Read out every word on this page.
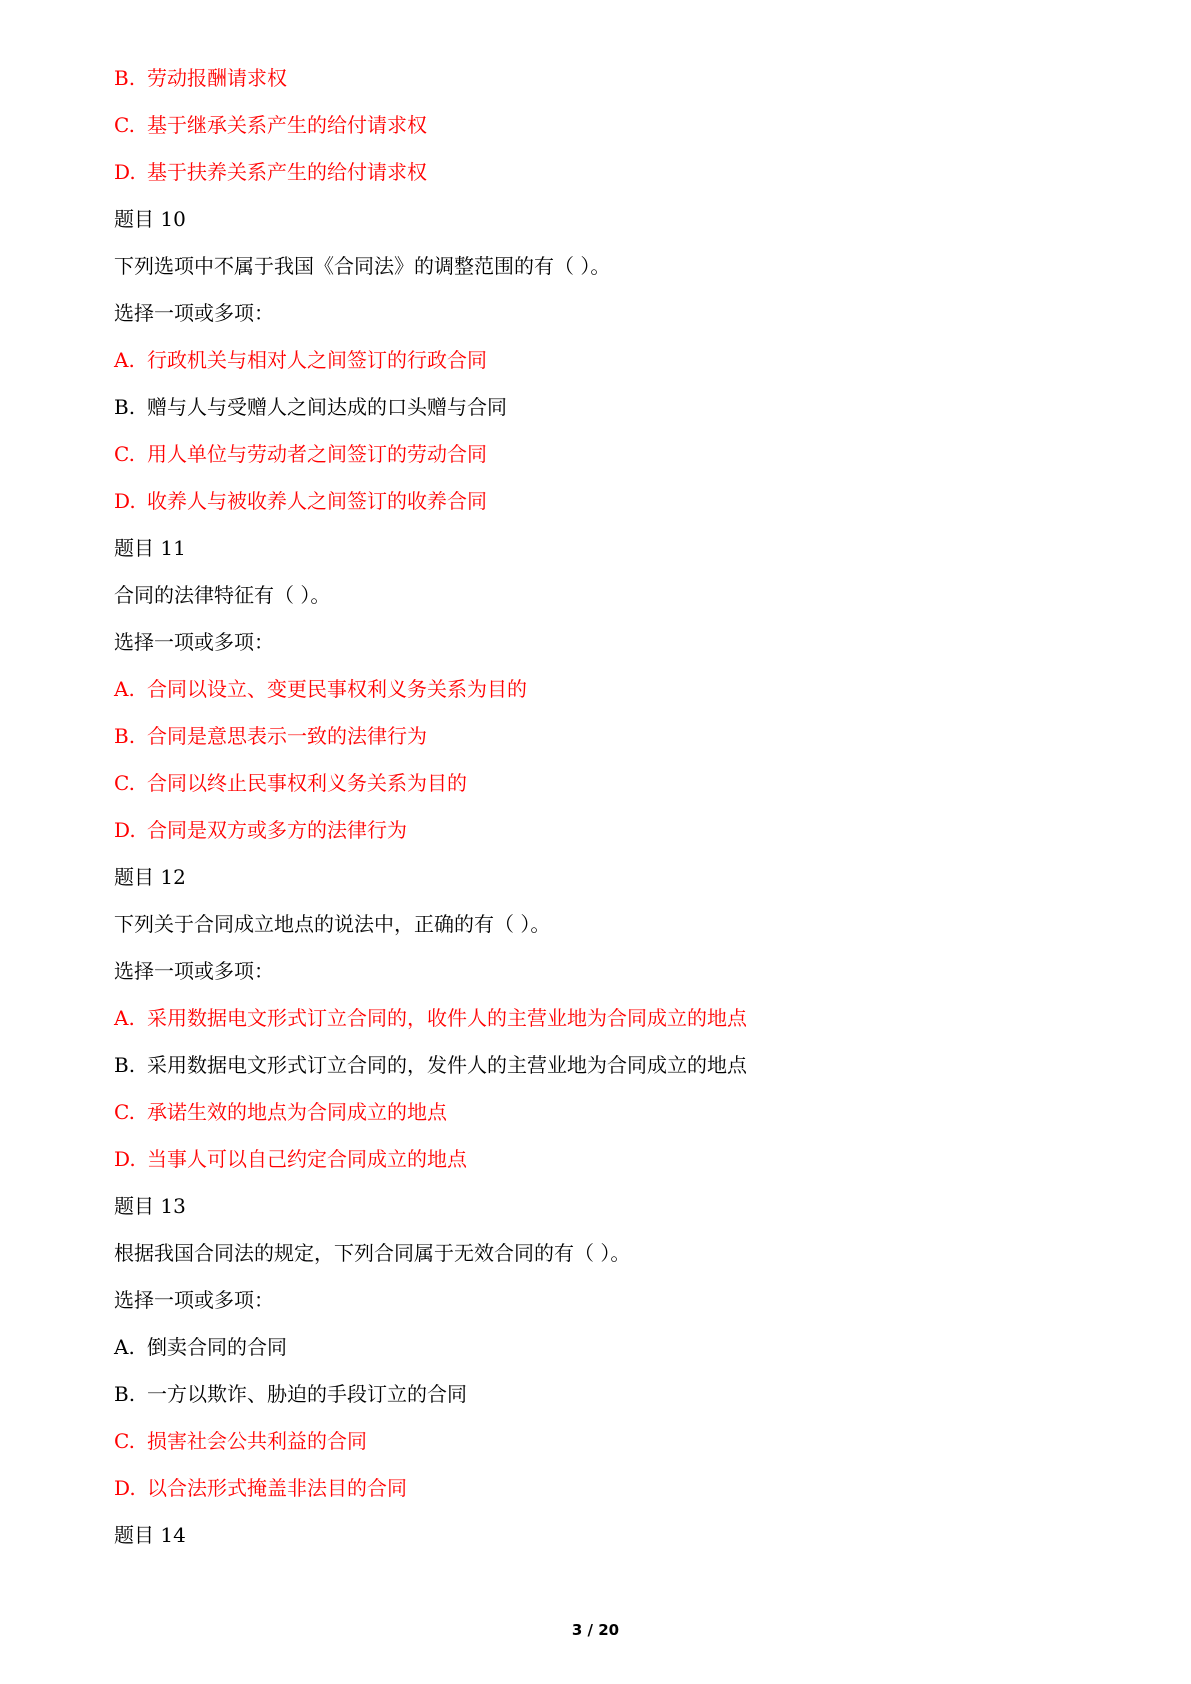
B. 劳动报酬请求权
C. 基于继承关系产生的给付请求权
D. 基于扶养关系产生的给付请求权
题目 10
下列选项中不属于我国《合同法》的调整范围的有（ ）。
选择一项或多项：
A. 行政机关与相对人之间签订的行政合同
B. 赠与人与受赠人之间达成的口头赠与合同
C. 用人单位与劳动者之间签订的劳动合同
D. 收养人与被收养人之间签订的收养合同
题目 11
合同的法律特征有（ ）。
选择一项或多项：
A. 合同以设立、变更民事权利义务关系为目的
B. 合同是意思表示一致的法律行为
C. 合同以终止民事权利义务关系为目的
D. 合同是双方或多方的法律行为
题目 12
下列关于合同成立地点的说法中，正确的有（ ）。
选择一项或多项：
A. 采用数据电文形式订立合同的，收件人的主营业地为合同成立的地点
B. 采用数据电文形式订立合同的，发件人的主营业地为合同成立的地点
C. 承诺生效的地点为合同成立的地点
D. 当事人可以自己约定合同成立的地点
题目 13
根据我国合同法的规定，下列合同属于无效合同的有（ ）。
选择一项或多项：
A. 倒卖合同的合同
B. 一方以欺诈、胁迫的手段订立的合同
C. 损害社会公共利益的合同
D. 以合法形式掩盖非法目的合同
题目 14
3 / 20
